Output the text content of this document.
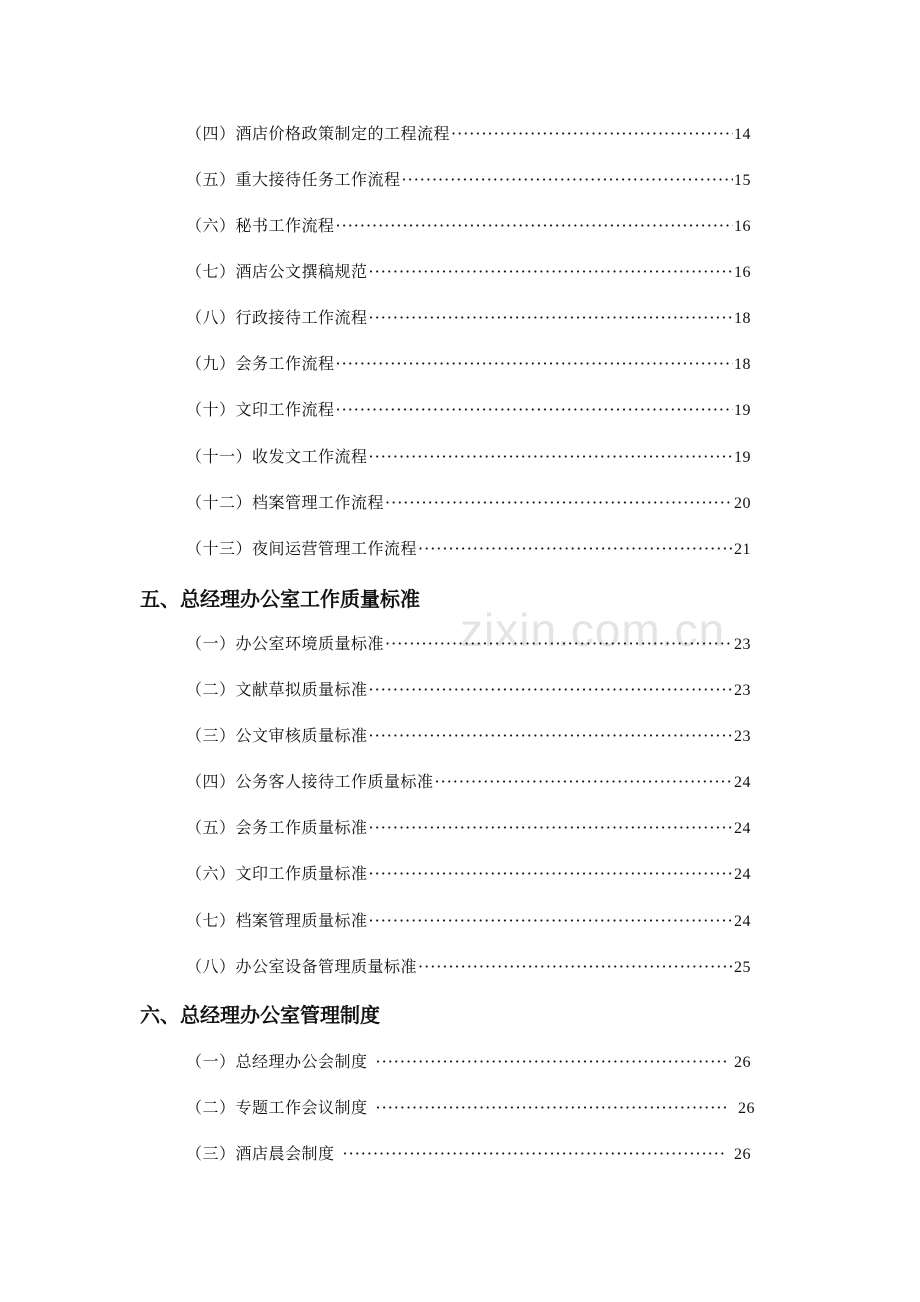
zixin.com.cn
（四）酒店价格政策制定的工程流程 ·····	14
（五）重大接待任务工作流程 ·····	15
（六）秘书工作流程 ·····	16
（七）酒店公文撰稿规范 ·····	16
（八）行政接待工作流程 ·····	18
（九）会务工作流程 ·····	18
（十）文印工作流程 ·····	19
（十一）收发文工作流程 ·····	19
（十二）档案管理工作流程 ·····	20
（十三）夜间运营管理工作流程 ·····	21
五、总经理办公室工作质量标准
（一）办公室环境质量标准 ·····	23
（二）文献草拟质量标准 ·····	23
（三）公文审核质量标准 ·····	23
（四）公务客人接待工作质量标准 ·····	24
（五）会务工作质量标准 ·····	24
（六）文印工作质量标准 ·····	24
（七）档案管理质量标准 ·····	24
（八）办公室设备管理质量标准 ·····	25
六、总经理办公室管理制度
（一）总经理办公会制度 ·····	26
（二）专题工作会议制度 ·····	26
（三）酒店晨会制度 ·····	26
